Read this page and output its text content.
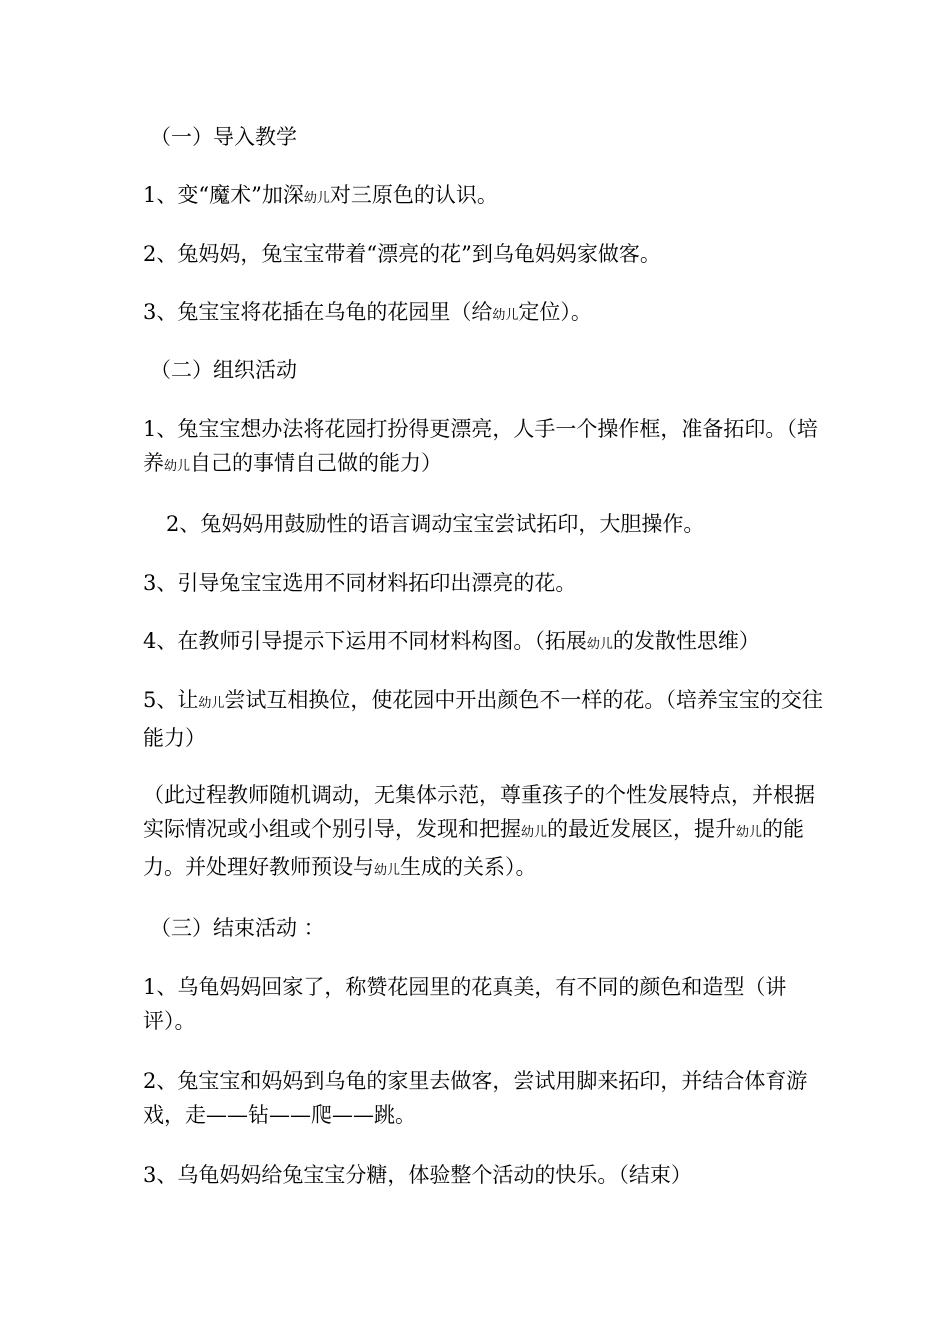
（一）导入教学

1、变“魔术”加深幼儿对三原色的认识。

2、兔妈妈，兔宝宝带着“漂亮的花”到乌龟妈妈家做客。

3、兔宝宝将花插在乌龟的花园里（给幼儿定位）。

（二）组织活动

1、兔宝宝想办法将花园打扮得更漂亮，人手一个操作框，准备拓印。（培养幼儿自己的事情自己做的能力）

2、兔妈妈用鼓励性的语言调动宝宝尝试拓印，大胆操作。

3、引导兔宝宝选用不同材料拓印出漂亮的花。

4、在教师引导提示下运用不同材料构图。（拓展幼儿的发散性思维）

5、让幼儿尝试互相换位，使花园中开出颜色不一样的花。（培养宝宝的交往能力）

（此过程教师随机调动，无集体示范，尊重孩子的个性发展特点，并根据实际情况或小组或个别引导，发现和把握幼儿的最近发展区，提升幼儿的能力。并处理好教师预设与幼儿生成的关系）。

（三）结束活动 ：

1、乌龟妈妈回家了，称赞花园里的花真美，有不同的颜色和造型（讲评）。

2、兔宝宝和妈妈到乌龟的家里去做客，尝试用脚来拓印，并结合体育游戏，走——钻——爬——跳。

3、乌龟妈妈给兔宝宝分糖，体验整个活动的快乐。（结束）
